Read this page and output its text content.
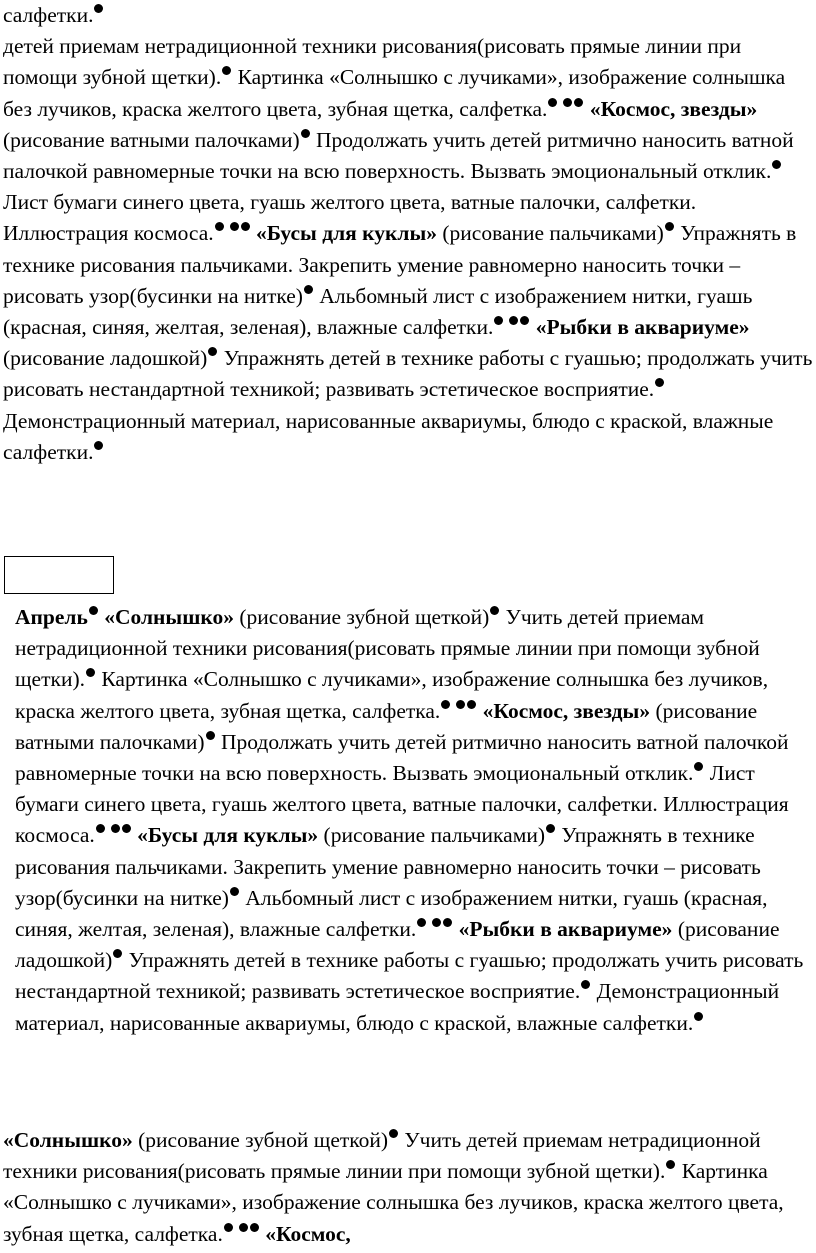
салфетки.

детей приемам нетрадиционной техники рисования(рисовать прямые линии при помощи зубной щетки). Картинка «Солнышко с лучиками», изображение солнышка без лучиков, краска желтого цвета, зубная щетка, салфетка. «Космос, звезды» (рисование ватными палочками) Продолжать учить детей ритмично наносить ватной палочкой равномерные точки на всю поверхность. Вызвать эмоциональный отклик. Лист бумаги синего цвета, гуашь желтого цвета, ватные палочки, салфетки. Иллюстрация космоса. «Бусы для куклы» (рисование пальчиками) Упражнять в технике рисования пальчиками. Закрепить умение равномерно наносить точки – рисовать узор(бусинки на нитке) Альбомный лист с изображением нитки, гуашь (красная, синяя, желтая, зеленая), влажные салфетки. «Рыбки в аквариуме» (рисование ладошкой) Упражнять детей в технике работы с гуашью; продолжать учить рисовать нестандартной техникой; развивать эстетическое восприятие. Демонстрационный материал, нарисованные аквариумы, блюдо с краской, влажные салфетки.

Апрель «Солнышко» (рисование зубной щеткой) Учить детей приемам нетрадиционной техники рисования(рисовать прямые линии при помощи зубной щетки). Картинка «Солнышко с лучиками», изображение солнышка без лучиков, краска желтого цвета, зубная щетка, салфетка. «Космос, звезды» (рисование ватными палочками) Продолжать учить детей ритмично наносить ватной палочкой равномерные точки на всю поверхность. Вызвать эмоциональный отклик. Лист бумаги синего цвета, гуашь желтого цвета, ватные палочки, салфетки. Иллюстрация космоса. «Бусы для куклы» (рисование пальчиками) Упражнять в технике рисования пальчиками. Закрепить умение равномерно наносить точки – рисовать узор(бусинки на нитке) Альбомный лист с изображением нитки, гуашь (красная, синяя, желтая, зеленая), влажные салфетки. «Рыбки в аквариуме» (рисование ладошкой) Упражнять детей в технике работы с гуашью; продолжать учить рисовать нестандартной техникой; развивать эстетическое восприятие. Демонстрационный материал, нарисованные аквариумы, блюдо с краской, влажные салфетки.

«Солнышко» (рисование зубной щеткой) Учить детей приемам нетрадиционной техники рисования(рисовать прямые линии при помощи зубной щетки). Картинка «Солнышко с лучиками», изображение солнышка без лучиков, краска желтого цвета, зубная щетка, салфетка. «Космос,
